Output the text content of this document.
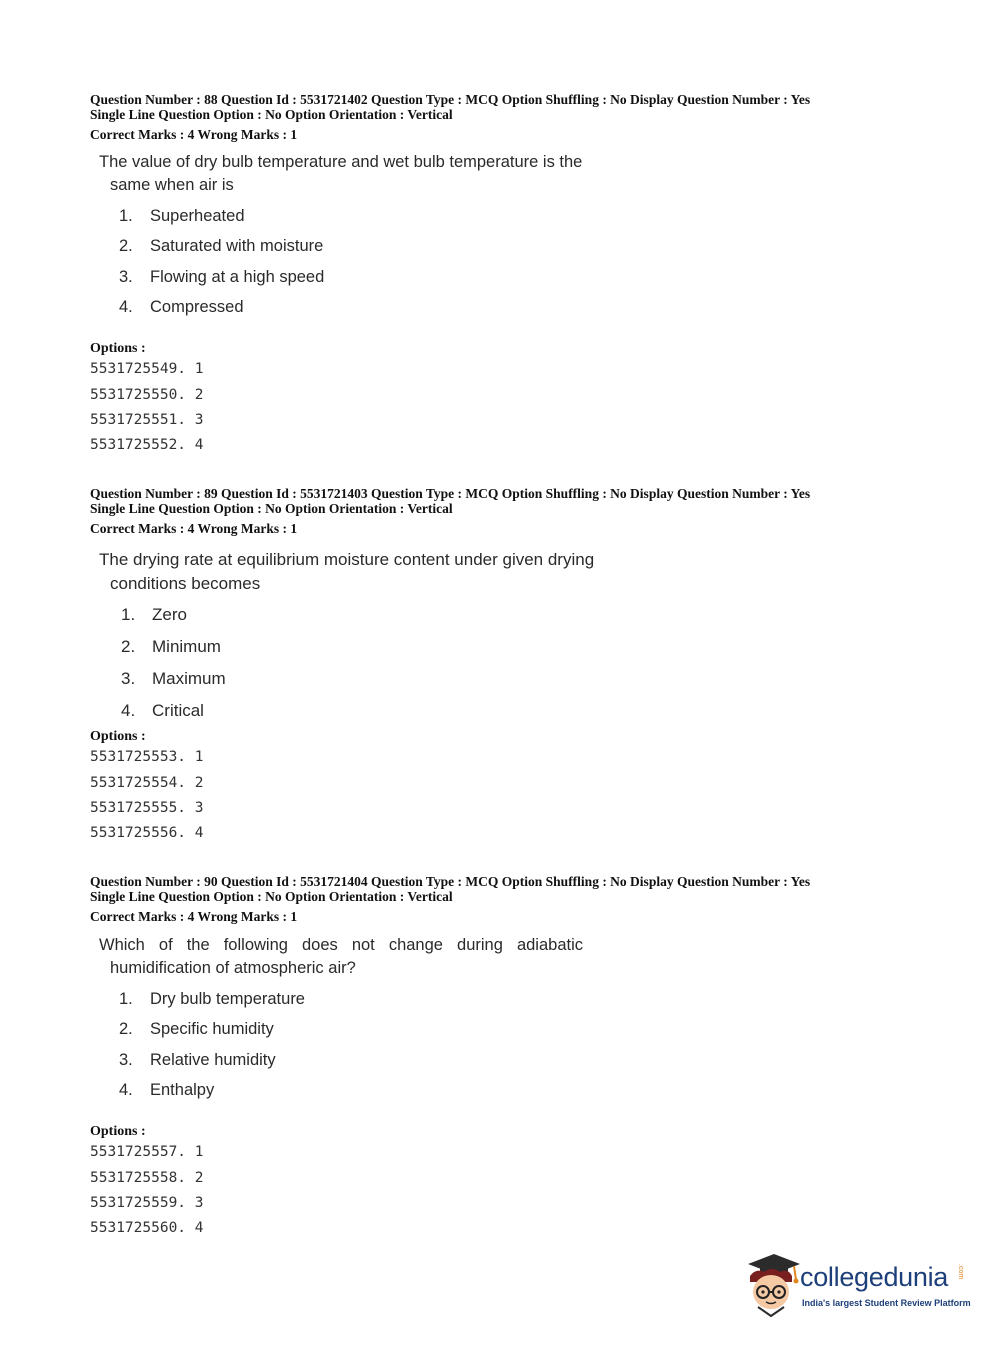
Question Number : 88 Question Id : 5531721402 Question Type : MCQ Option Shuffling : No Display Question Number : Yes
Single Line Question Option : No Option Orientation : Vertical
Correct Marks : 4 Wrong Marks : 1
The value of dry bulb temperature and wet bulb temperature is the
same when air is
1. Superheated
2. Saturated with moisture
3. Flowing at a high speed
4. Compressed
Options :
5531725549. 1
5531725550. 2
5531725551. 3
5531725552. 4
Question Number : 89 Question Id : 5531721403 Question Type : MCQ Option Shuffling : No Display Question Number : Yes
Single Line Question Option : No Option Orientation : Vertical
Correct Marks : 4 Wrong Marks : 1
The drying rate at equilibrium moisture content under given drying
conditions becomes
1. Zero
2. Minimum
3. Maximum
4. Critical
Options :
5531725553. 1
5531725554. 2
5531725555. 3
5531725556. 4
Question Number : 90 Question Id : 5531721404 Question Type : MCQ Option Shuffling : No Display Question Number : Yes
Single Line Question Option : No Option Orientation : Vertical
Correct Marks : 4 Wrong Marks : 1
Which of the following does not change during adiabatic
humidification of atmospheric air?
1. Dry bulb temperature
2. Specific humidity
3. Relative humidity
4. Enthalpy
Options :
5531725557. 1
5531725558. 2
5531725559. 3
5531725560. 4
collegedunia .com
India's largest Student Review Platform
